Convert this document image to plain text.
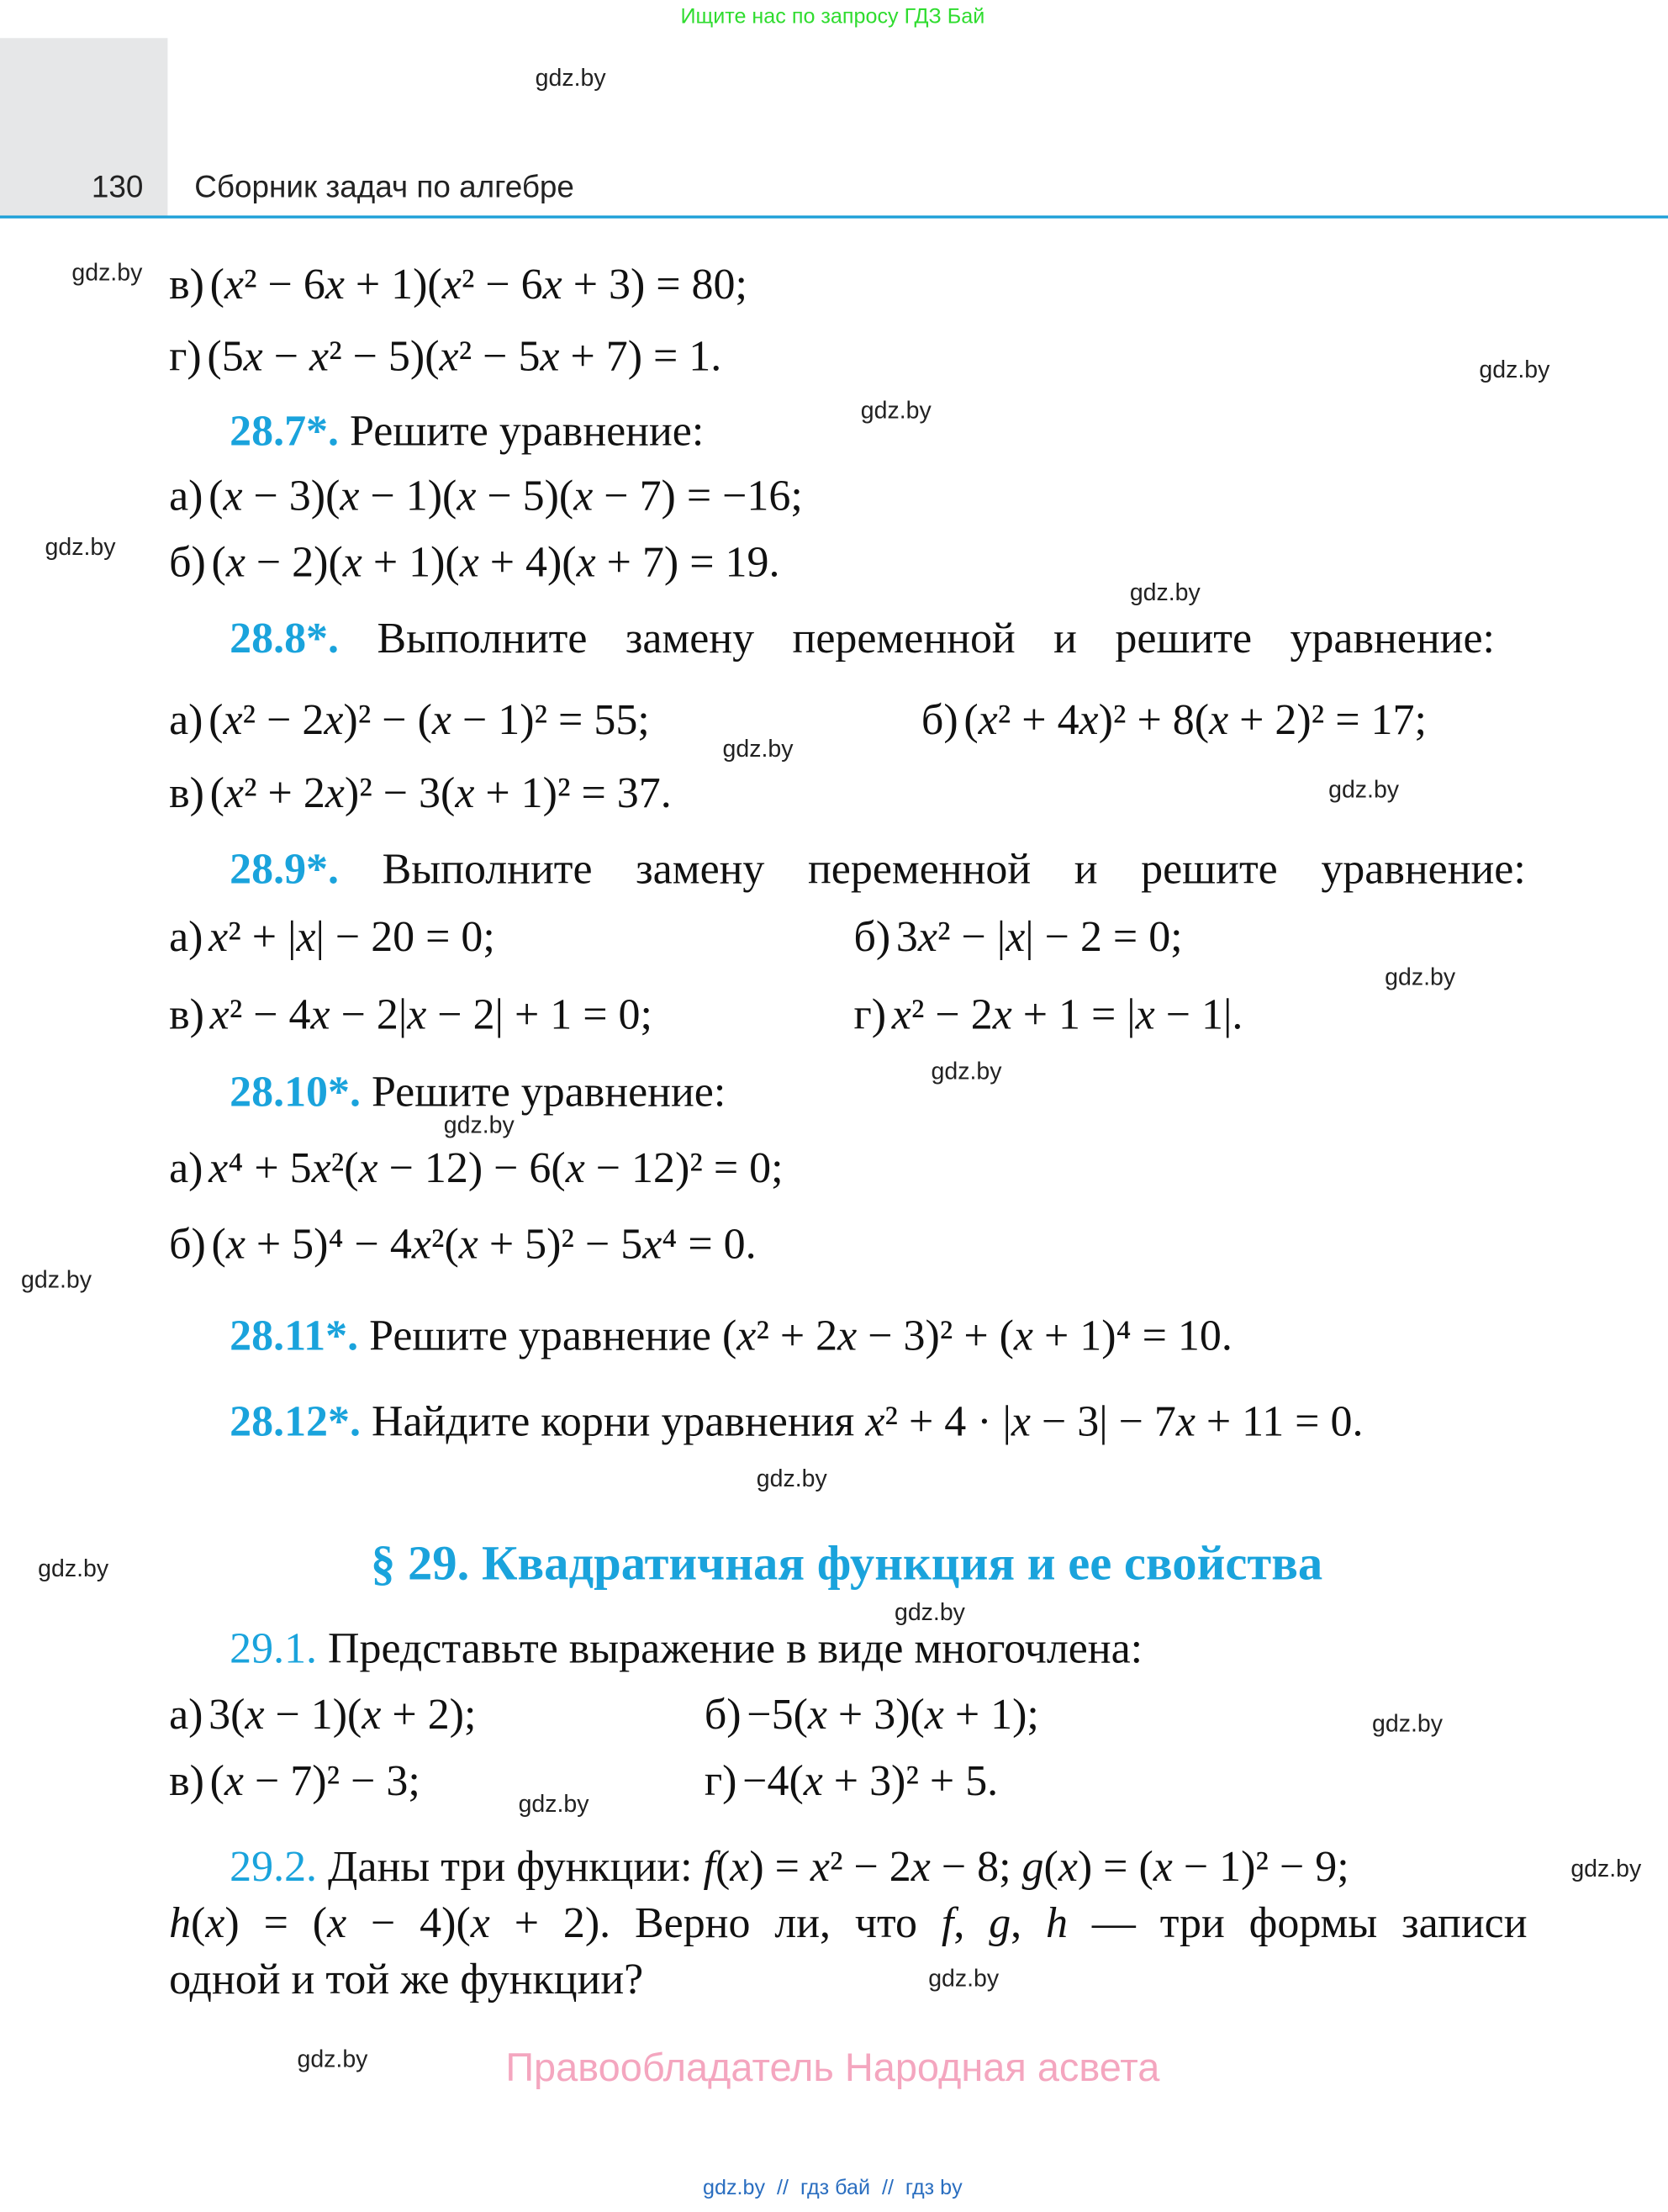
Ищите нас по запросу ГДЗ Бай
130	Сборник задач по алгебре
gdz.by
gdz.by
gdz.by
gdz.by
gdz.by
gdz.by
gdz.by
gdz.by
gdz.by
gdz.by
gdz.by
gdz.by
gdz.by
gdz.by
gdz.by
gdz.by
gdz.by
gdz.by
gdz.by
gdz.by
в) (x² − 6x + 1)(x² − 6x + 3) = 80;
г) (5x − x² − 5)(x² − 5x + 7) = 1.
28.7*. Решите уравнение:
а) (x − 3)(x − 1)(x − 5)(x − 7) = −16;
б) (x − 2)(x + 1)(x + 4)(x + 7) = 19.
28.8*. Выполните замену переменной и решите уравнение:
а) (x² − 2x)² − (x − 1)² = 55;	б) (x² + 4x)² + 8(x + 2)² = 17;
в) (x² + 2x)² − 3(x + 1)² = 37.
28.9*. Выполните замену переменной и решите уравнение:
а) x² + |x| − 20 = 0;	б) 3x² − |x| − 2 = 0;
в) x² − 4x − 2|x − 2| + 1 = 0;	г) x² − 2x + 1 = |x − 1|.
28.10*. Решите уравнение:
а) x⁴ + 5x²(x − 12) − 6(x − 12)² = 0;
б) (x + 5)⁴ − 4x²(x + 5)² − 5x⁴ = 0.
28.11*. Решите уравнение (x² + 2x − 3)² + (x + 1)⁴ = 10.
28.12*. Найдите корни уравнения x² + 4 · |x − 3| − 7x + 11 = 0.
§ 29. Квадратичная функция и ее свойства
29.1. Представьте выражение в виде многочлена:
а) 3(x − 1)(x + 2);	б) −5(x + 3)(x + 1);
в) (x − 7)² − 3;	г) −4(x + 3)² + 5.
29.2. Даны три функции: f(x) = x² − 2x − 8; g(x) = (x − 1)² − 9;
h(x) = (x − 4)(x + 2). Верно ли, что f, g, h — три формы записи
одной и той же функции?
Правообладатель Народная асвета
gdz.by  //  гдз бай  //  гдз by
